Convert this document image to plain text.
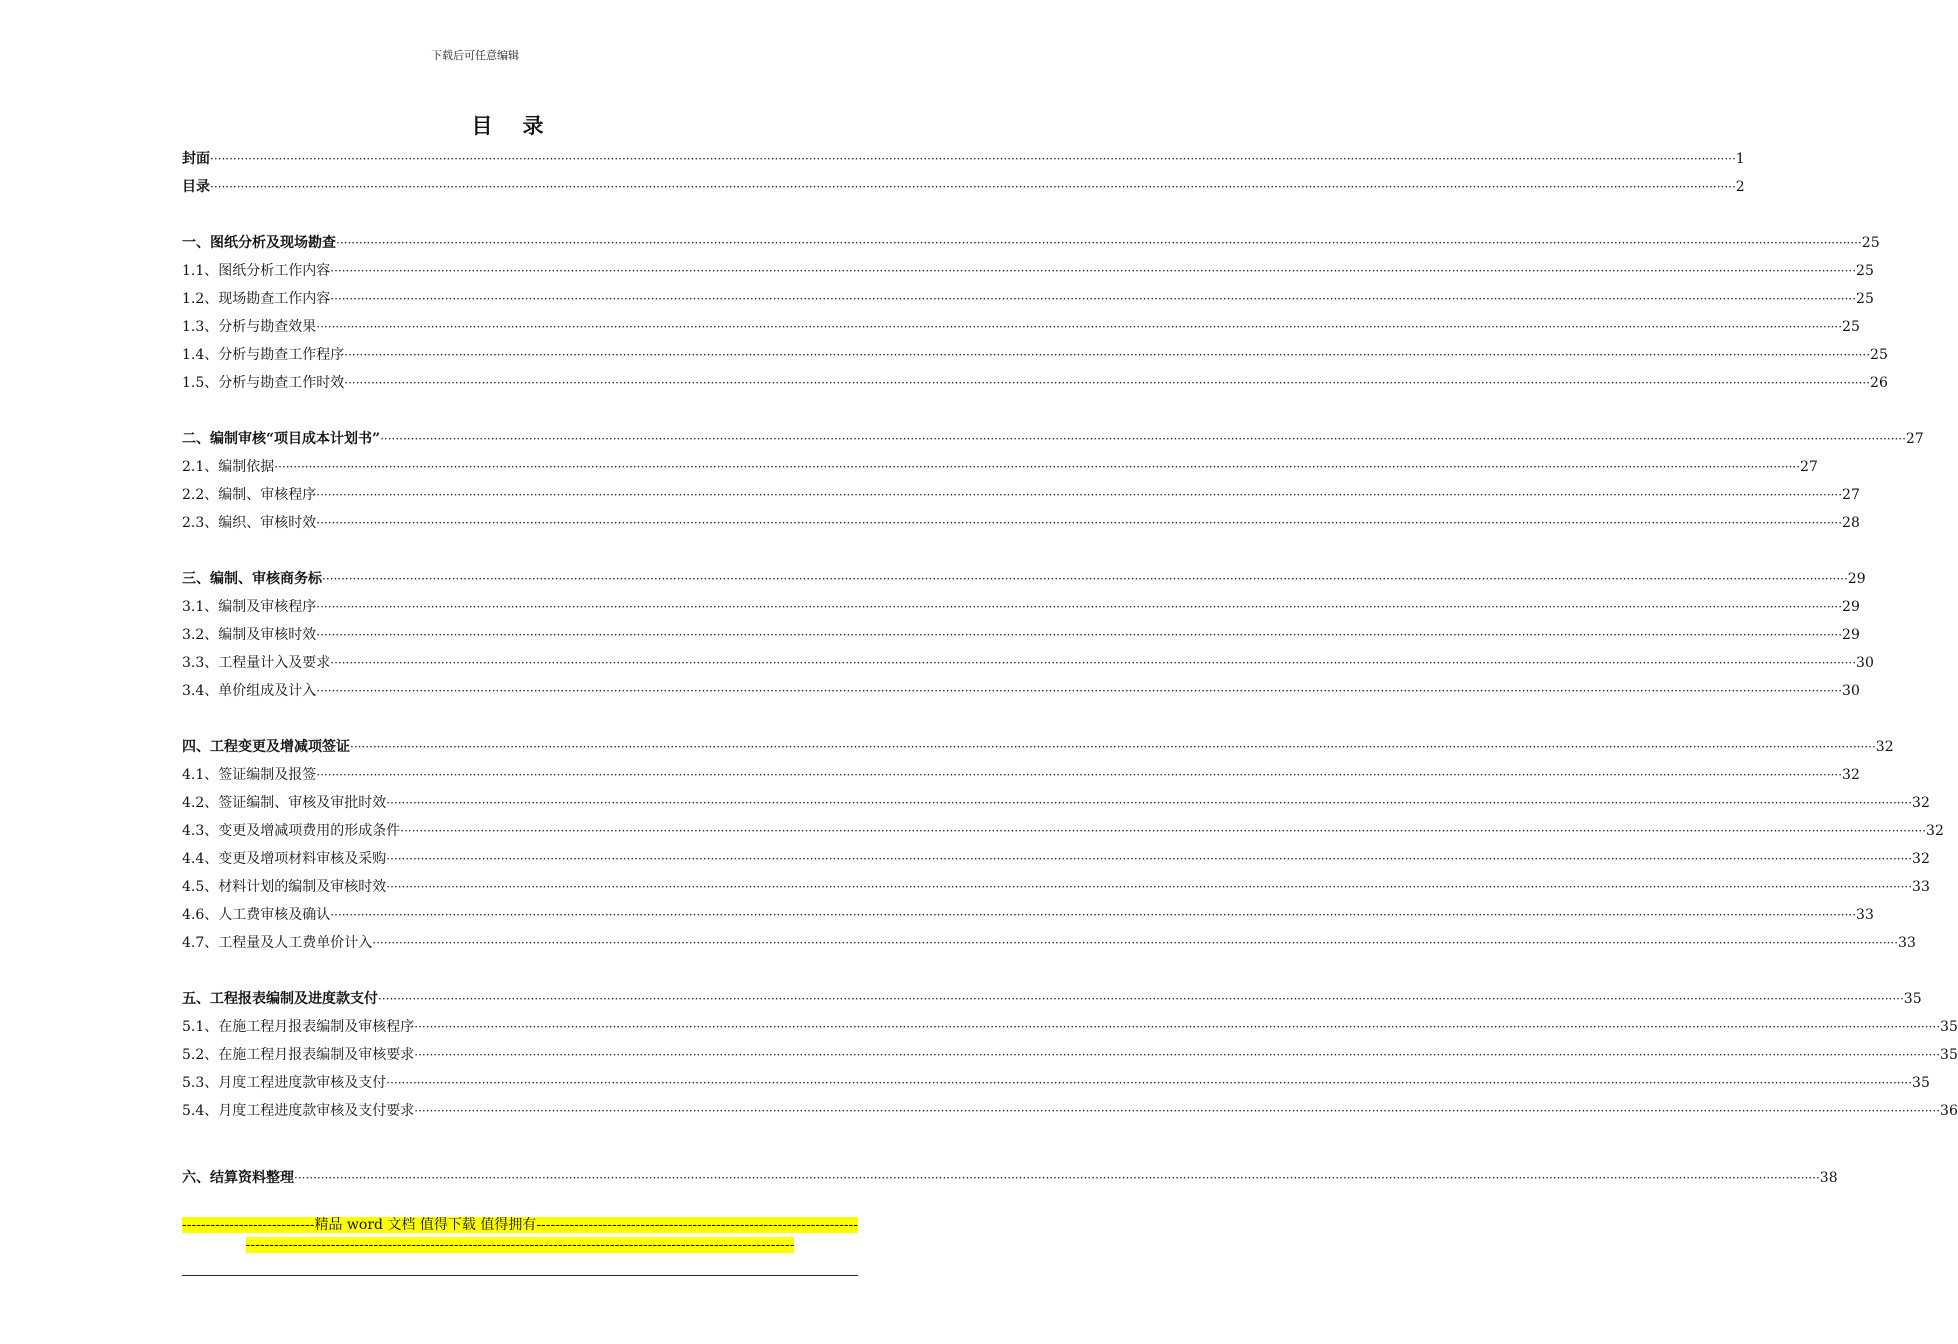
下载后可任意编辑
目录
封面 ················································································································································································································································································································································································································ 1
目录 ················································································································································································································································································································································································································ 2
一、图纸分析及现场勘查 ················································································································································································································································································································································································································ 25
1.1、图纸分析工作内容 ················································································································································································································································································································································································································ 25
1.2、现场勘查工作内容 ················································································································································································································································································································································································································ 25
1.3、分析与勘查效果 ················································································································································································································································································································································································································ 25
1.4、分析与勘查工作程序 ················································································································································································································································································································································································································ 25
1.5、分析与勘查工作时效 ················································································································································································································································································································································································································ 26
二、编制审核“项目成本计划书” ················································································································································································································································································································································································································ 27
2.1、编制依据 ················································································································································································································································································································································································································ 27
2.2、编制、审核程序 ················································································································································································································································································································································································································ 27
2.3、编织、审核时效 ················································································································································································································································································································································································································ 28
三、编制、审核商务标 ················································································································································································································································································································································································································ 29
3.1、编制及审核程序 ················································································································································································································································································································································································································ 29
3.2、编制及审核时效 ················································································································································································································································································································································································································ 29
3.3、工程量计入及要求 ················································································································································································································································································································································································································ 30
3.4、单价组成及计入 ················································································································································································································································································································································································································ 30
四、工程变更及增减项签证 ················································································································································································································································································································································································································ 32
4.1、签证编制及报签 ················································································································································································································································································································································································································ 32
4.2、签证编制、审核及审批时效 ················································································································································································································································································································································································································ 32
4.3、变更及增减项费用的形成条件 ················································································································································································································································································································································································································ 32
4.4、变更及增项材料审核及采购 ················································································································································································································································································································································································································ 32
4.5、材料计划的编制及审核时效 ················································································································································································································································································································································································································ 33
4.6、人工费审核及确认 ················································································································································································································································································································································································································ 33
4.7、工程量及人工费单价计入 ················································································································································································································································································································································································································ 33
五、工程报表编制及进度款支付 ················································································································································································································································································································································································································ 35
5.1、在施工程月报表编制及审核程序 ················································································································································································································································································································································································································ 35
5.2、在施工程月报表编制及审核要求 ················································································································································································································································································································································································································ 35
5.3、月度工程进度款审核及支付 ················································································································································································································································································································································································································ 35
5.4、月度工程进度款审核及支付要求 ················································································································································································································································································································································································································ 36
六、结算资料整理 ················································································································································································································································································································································································································ 38
----------------------------精品 word 文档 值得下载 值得拥有----------------------------------------------------------------------------------------------------------------------------------------------------------------------------------------
